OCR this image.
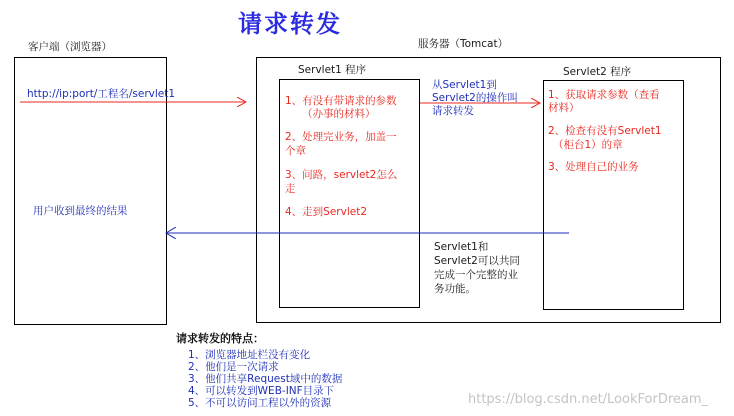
请求转发
客户端（浏览器）
http://ip:port/工程名/servlet1
用户收到最终的结果
服务器（Tomcat）
Servlet1 程序
1、有没有带请求的参数
（办事的材料）
2、处理完业务，加盖一
个章
3、问路，servlet2怎么
走
4、走到Servlet2
从Servlet1到
Servlet2的操作叫
请求转发
Servlet2 程序
1、获取请求参数（查看
材料）
2、检查有没有Servlet1
（柜台1）的章
3、处理自己的业务
Servlet1和
Servlet2可以共同
完成一个完整的业
务功能。
请求转发的特点：
1、浏览器地址栏没有变化
2、他们是一次请求
3、他们共享Request域中的数据
4、可以转发到WEB-INF目录下
5、不可以访问工程以外的资源	https://blog.csdn.net/LookForDream_
